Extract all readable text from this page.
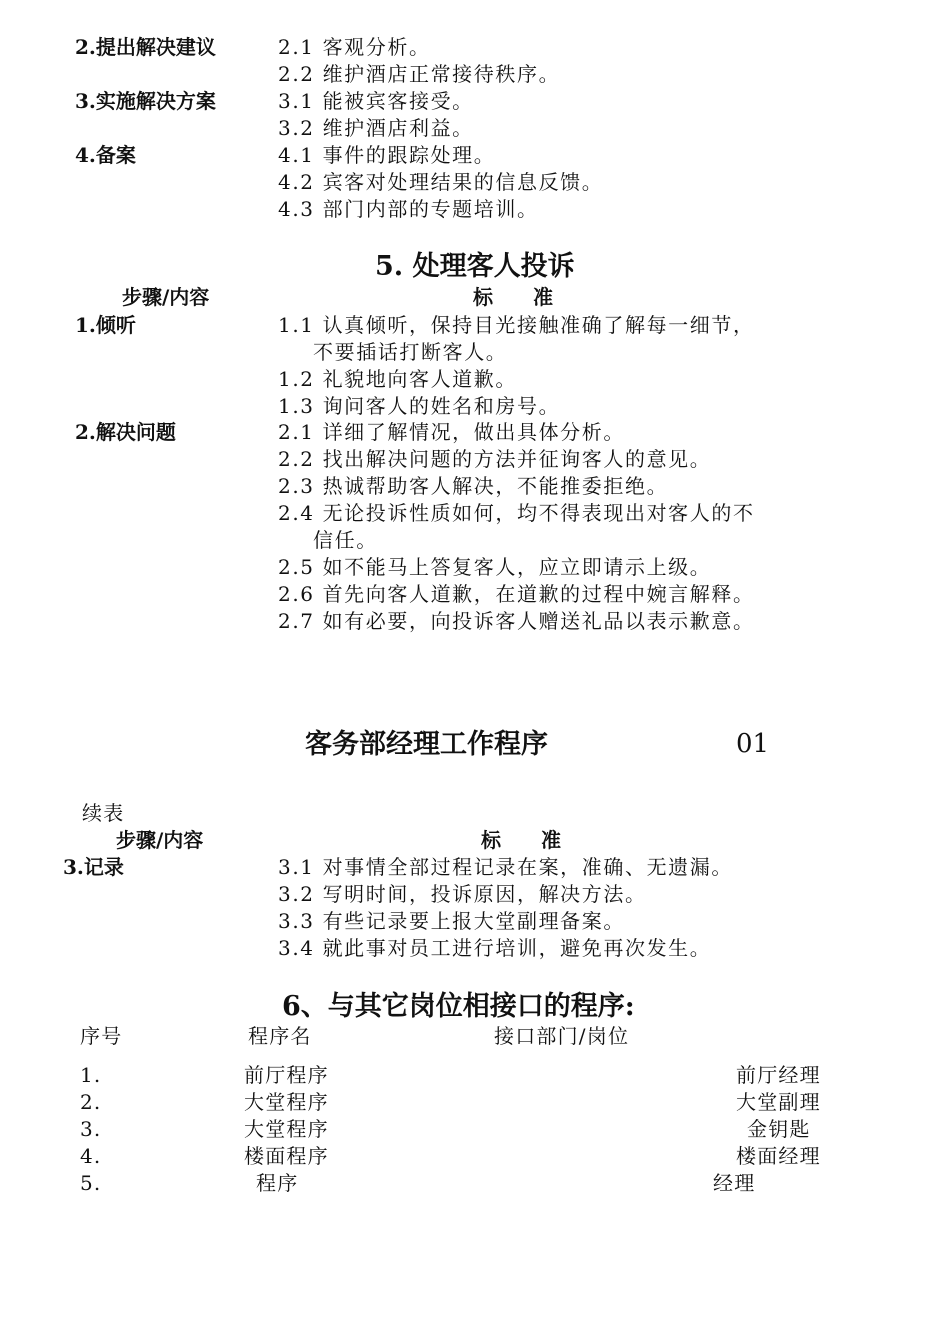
2.提出解决建议	2.1 客观分析。
2.2 维护酒店正常接待秩序。
3.实施解决方案	3.1 能被宾客接受。
3.2 维护酒店利益。
4.备案	4.1 事件的跟踪处理。
4.2 宾客对处理结果的信息反馈。
4.3 部门内部的专题培训。
5. 处理客人投诉
步骤/内容	标　　准
1.倾听	1.1 认真倾听，保持目光接触准确了解每一细节，
不要插话打断客人。
1.2 礼貌地向客人道歉。
1.3 询问客人的姓名和房号。
2.解决问题	2.1 详细了解情况，做出具体分析。
2.2 找出解决问题的方法并征询客人的意见。
2.3 热诚帮助客人解决，不能推委拒绝。
2.4 无论投诉性质如何，均不得表现出对客人的不
信任。
2.5 如不能马上答复客人，应立即请示上级。
2.6 首先向客人道歉，在道歉的过程中婉言解释。
2.7 如有必要，向投诉客人赠送礼品以表示歉意。
客务部经理工作程序	01
续表
步骤/内容	标　　准
3.记录	3.1 对事情全部过程记录在案，准确、无遗漏。
3.2 写明时间，投诉原因，解决方法。
3.3 有些记录要上报大堂副理备案。
3.4 就此事对员工进行培训，避免再次发生。
6、与其它岗位相接口的程序:
序号	程序名	接口部门/岗位
1.	前厅程序	前厅经理
2.	大堂程序	大堂副理
3.	大堂程序	金钥匙
4.	楼面程序	楼面经理
5.	程序	经理
